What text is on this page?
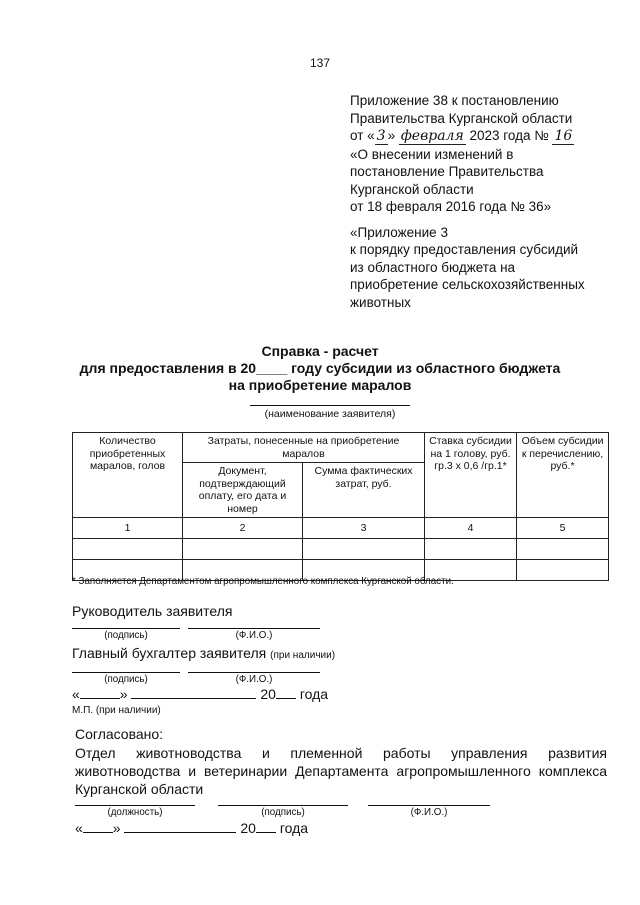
137
Приложение 38 к постановлению
Правительства Курганской области
от « 3 » февраля 2023 года № 16
«О внесении изменений в
постановление Правительства
Курганской области
от 18 февраля 2016 года № 36»
«Приложение 3
к порядку предоставления субсидий
из областного бюджета на
приобретение сельскохозяйственных
животных
Справка - расчет
для предоставления в 20____ году субсидии из областного бюджета
на приобретение маралов
(наименование заявителя)
Количество приобретенных маралов, голов	Затраты, понесенные на приобретение маралов		Ставка субсидии на 1 голову, руб. гр.3 х 0,6 /гр.1*	Объем субсидии к перечислению, руб.*
	Документ, подтверждающий оплату, его дата и номер	Сумма фактических затрат, руб.		
1	2	3	4	5

* Заполняется Департаментом агропромышленного комплекса Курганской области.
Руководитель заявителя
(подпись)	(Ф.И.О.)
Главный бухгалтер заявителя (при наличии)
(подпись)	(Ф.И.О.)
«	»	20 года
М.П. (при наличии)
Согласовано:
Отдел животноводства и племенной работы управления развития
животноводства и ветеринарии Департамента агропромышленного комплекса
Курганской области
(должность)	(подпись)	(Ф.И.О.)
« »	20 года
